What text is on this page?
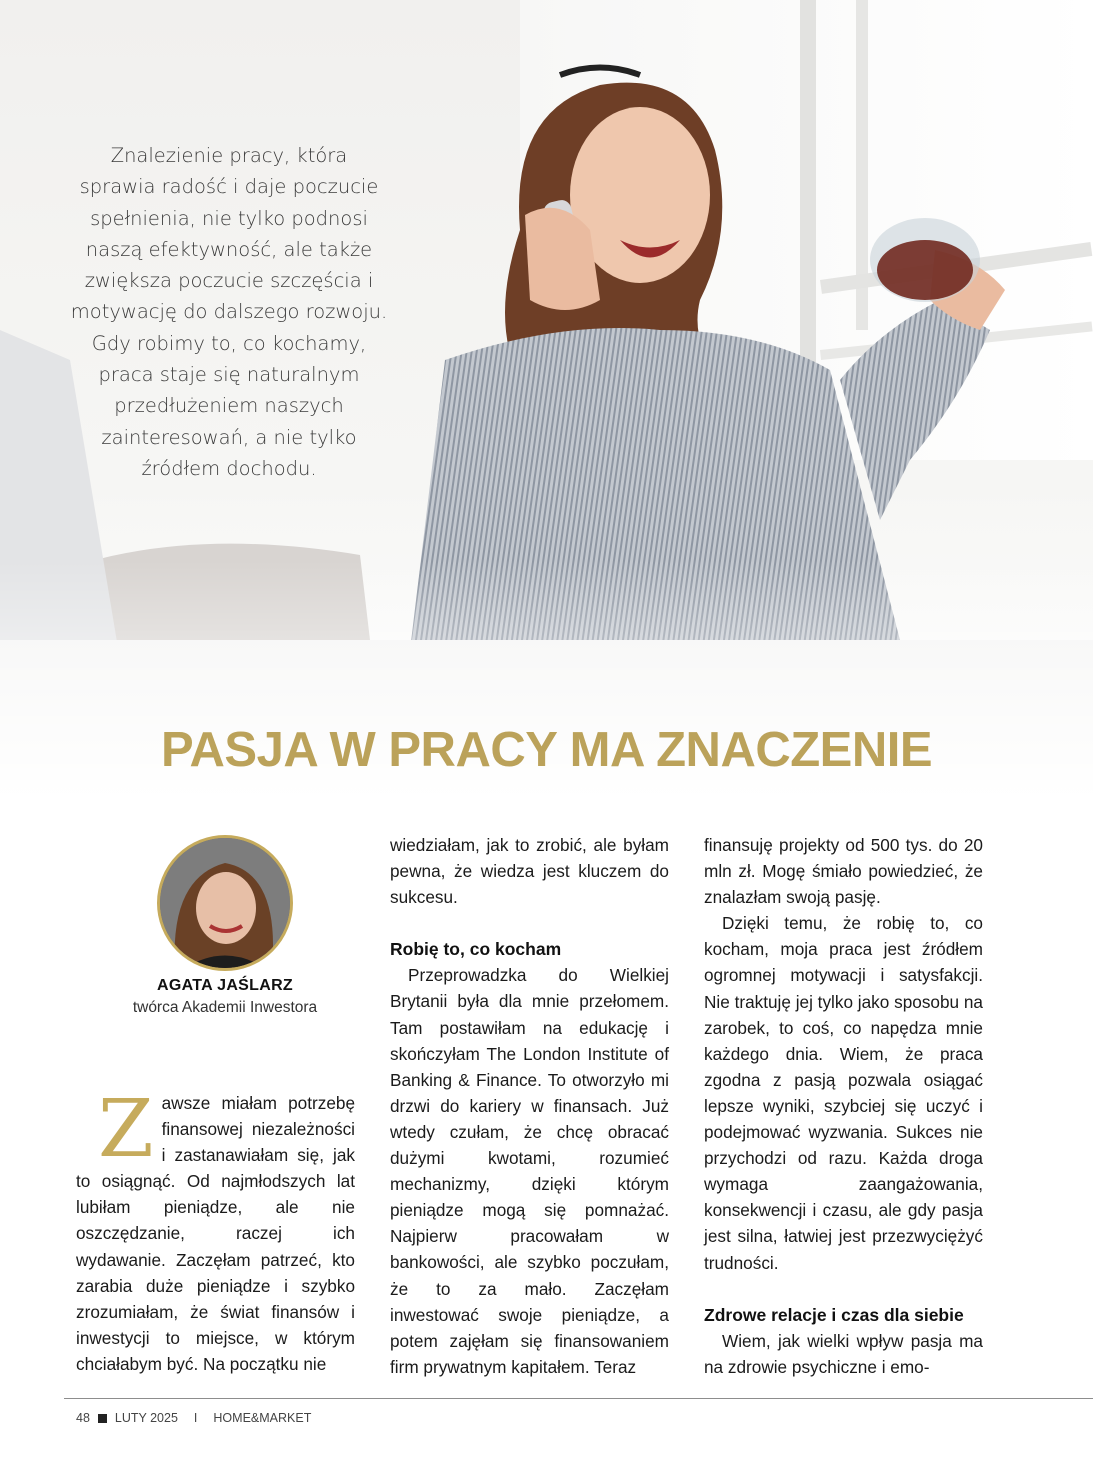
Znalezienie pracy, która sprawia radość i daje poczucie spełnienia, nie tylko podnosi naszą efektywność, ale także zwiększa poczucie szczęścia i motywację do dalszego rozwoju. Gdy robimy to, co kochamy, praca staje się naturalnym przedłużeniem naszych zainteresowań, a nie tylko źródłem dochodu.
PASJA W PRACY MA ZNACZENIE
AGATA JAŚLARZ
twórca Akademii Inwestora
Z awsze miałam potrzebę finansowej niezależności i zastanawiałam się, jak to osiągnąć. Od najmłodszych lat lubiłam pieniądze, ale nie oszczędzanie, raczej ich wydawanie. Zaczęłam patrzeć, kto zarabia duże pieniądze i szybko zrozumiałam, że świat finansów i inwestycji to miejsce, w którym chciałabym być. Na początku nie

wiedziałam, jak to zrobić, ale byłam pewna, że wiedza jest kluczem do sukcesu.

Robię to, co kocham

Przeprowadzka do Wielkiej Brytanii była dla mnie przełomem. Tam postawiłam na edukację i skończyłam The London Institute of Banking & Finance. To otworzyło mi drzwi do kariery w finansach. Już wtedy czułam, że chcę obracać dużymi kwotami, rozumieć mechanizmy, dzięki którym pieniądze mogą się pomnażać. Najpierw pracowałam w bankowości, ale szybko poczułam, że to za mało. Zaczęłam inwestować swoje pieniądze, a potem zajęłam się finansowaniem firm prywatnym kapitałem. Teraz

finansuję projekty od 500 tys. do 20 mln zł. Mogę śmiało powiedzieć, że znalazłam swoją pasję.

Dzięki temu, że robię to, co kocham, moja praca jest źródłem ogromnej motywacji i satysfakcji. Nie traktuję jej tylko jako sposobu na zarobek, to coś, co napędza mnie każdego dnia. Wiem, że praca zgodna z pasją pozwala osiągać lepsze wyniki, szybciej się uczyć i podejmować wyzwania. Sukces nie przychodzi od razu. Każda droga wymaga zaangażowania, konsekwencji i czasu, ale gdy pasja jest silna, łatwiej jest przezwyciężyć trudności.

Zdrowe relacje i czas dla siebie

Wiem, jak wielki wpływ pasja ma na zdrowie psychiczne i emo-

48 LUTY 2025 I HOME&MARKET
